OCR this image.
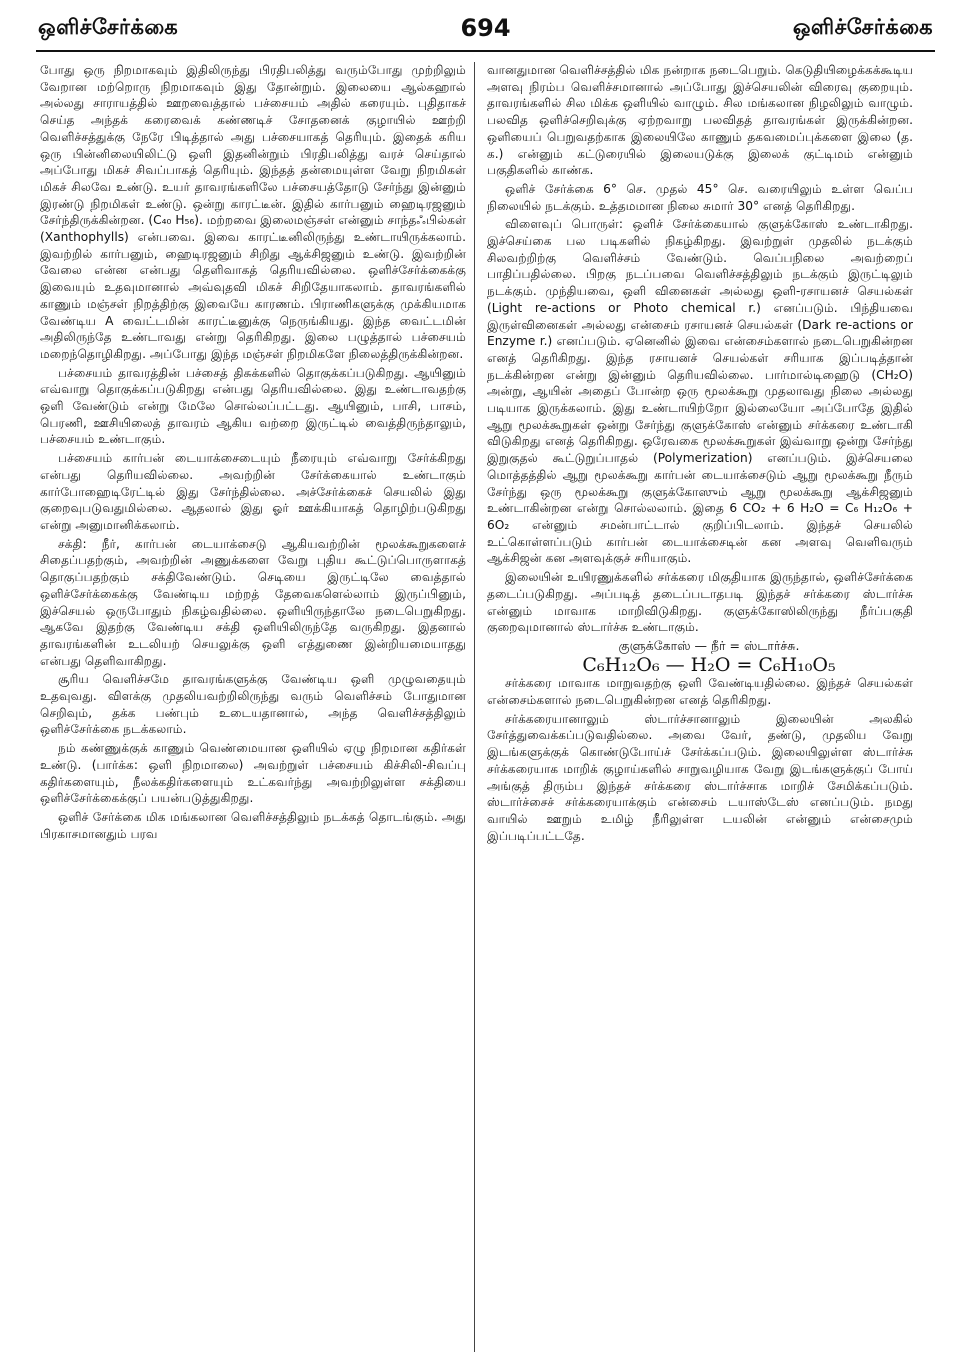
ஒளிச்சேர்க்கை	694	ஒளிச்சேர்க்கை

போது ஒரு நிறமாகவும் இதிலிருந்து பிரதிபலித்து வரும்போது முற்றிலும் வேறான மற்றொரு நிறமாகவும் இது தோன்றும். இலையை ஆல்கஹால் அல்லது சாராயத்தில் ஊறவைத்தால் பச்சையம் அதில் கரையும். புதிதாகச் செய்த அந்தக் கரைவைக் கண்ணடிச் சோதனைக் குழாயில் ஊற்றி வெளிச்சத்துக்கு நேரே பிடித்தால் அது பச்சையாகத் தெரியும். இதைக் கரிய ஒரு பின்னிலையிலிட்டு ஒளி இதனின்றும் பிரதிபலித்து வரச் செய்தால் அப்போது மிகச் சிவப்பாகத் தெரியும். இந்தத் தன்மையுள்ள வேறு நிறமிகள் மிகச் சிலவே உண்டு. உயர் தாவரங்களிலே பச்சையத்தோடு சேர்ந்து இன்னும் இரண்டு நிறமிகள் உண்டு. ஒன்று காரட்டீன். இதில் கார்பனும் ஹைடிரஜனும் சேர்ந்திருக்கின்றன. (C₄₀ H₅₆). மற்றவை இலைமஞ்சள் என்னும் சாந்தஃபில்கள் (Xanthophylls) என்பவை. இவை காரட்டீனிலிருந்து உண்டாயிருக்கலாம். இவற்றில் கார்பனும், ஹைடிரஜனும் சிறிது ஆக்சிஜனும் உண்டு. இவற்றின் வேலை என்ன என்பது தெளிவாகத் தெரியவில்லை. ஒளிச்சேர்க்கைக்கு இவையும் உதவுமானால் அவ்வுதவி மிகச் சிறிதேயாகலாம். தாவரங்களில் காணும் மஞ்சள் நிறத்திற்கு இவையே காரணம். பிராணிகளுக்கு முக்கியமாக வேண்டிய A வைட்டமின் காரட்டீனுக்கு நெருங்கியது. இந்த வைட்டமின் அதிலிருந்தே உண்டாவது என்று தெரிகிறது. இலை பழுத்தால் பச்சையம் மறைந்தொழிகிறது. அப்போது இந்த மஞ்சள் நிறமிகளே நிலைத்திருக்கின்றன.

பச்சையம் தாவரத்தின் பச்சைத் திசுக்களில் தொகுக்கப்படுகிறது. ஆயினும் எவ்வாறு தொகுக்கப்படுகிறது என்பது தெரியவில்லை. இது உண்டாவதற்கு ஒளி வேண்டும் என்று மேலே சொல்லப்பட்டது. ஆயினும், பாசி, பாசம், பெரணி, ஊசியிலைத் தாவரம் ஆகிய வற்றை இருட்டில் வைத்திருந்தாலும், பச்சையம் உண்டாகும்.

பச்சையம் கார்பன் டையாக்சைடையும் நீரையும் எவ்வாறு சேர்க்கிறது என்பது தெரியவில்லை. அவற்றின் சேர்க்கையால் உண்டாகும் கார்போஹைடிரேட்டில் இது சேர்ந்தில்லை. அச்சேர்க்கைச் செயலில் இது குறைவுபடுவதுமில்லை. ஆதலால் இது ஓர் ஊக்கியாகத் தொழிற்படுகிறது என்று அனுமானிக்கலாம்.

சக்தி: நீர், கார்பன் டையாக்சைடு ஆகியவற்றின் மூலக்கூறுகளைச் சிதைப்பதற்கும், அவற்றின் அணுக்களை வேறு புதிய கூட்டுப்பொருளாகத் தொகுப்பதற்கும் சக்திவேண்டும். செடியை இருட்டிலே வைத்தால் ஒளிச்சேர்க்கைக்கு வேண்டிய மற்றத் தேவைகளெல்லாம் இருப்பினும், இச்செயல் ஒருபோதும் நிகழ்வதில்லை. ஒளியிருந்தாலே நடைபெறுகிறது. ஆகவே இதற்கு வேண்டிய சக்தி ஒளியிலிருந்தே வருகிறது. இதனால் தாவரங்களின் உடலியற் செயலுக்கு ஒளி எத்துணை இன்றியமையாதது என்பது தெளிவாகிறது.

சூரிய வெளிச்சமே தாவரங்களுக்கு வேண்டிய ஒளி முழுவதையும் உதவுவது. விளக்கு முதலியவற்றிலிருந்து வரும் வெளிச்சம் போதுமான செறிவும், தக்க பண்பும் உடையதானால், அந்த வெளிச்சத்திலும் ஒளிச்சேர்க்கை நடக்கலாம்.

நம் கண்ணுக்குக் காணும் வெண்மையான ஒளியில் ஏழு நிறமான கதிர்கள் உண்டு. (பார்க்க: ஒளி நிறமாலை) அவற்றுள் பச்சையம் கிச்சிலி-சிவப்பு கதிர்களையும், நீலக்கதிர்களையும் உட்கவர்ந்து அவற்றிலுள்ள சக்தியை ஒளிச்சேர்க்கைக்குப் பயன்படுத்துகிறது.

ஒளிச் சேர்க்கை மிக மங்கலான வெளிச்சத்திலும் நடக்கத் தொடங்கும். அது பிரகாசமானதும் பரவ

வானதுமான வெளிச்சத்தில் மிக நன்றாக நடைபெறும். கெடுதியிழைக்கக்கூடிய அளவு நிரம்ப வெளிச்சமானால் அப்போது இச்செயலின் விரைவு குறையும். தாவரங்களில் சில மிக்க ஒளியில் வாழும். சில மங்கலான நிழலிலும் வாழும். பலவித ஒளிச்செறிவுக்கு ஏற்றவாறு பலவிதத் தாவரங்கள் இருக்கின்றன. ஒளியைப் பெறுவதற்காக இலையிலே காணும் தகவமைப்புக்களை இலை (த. க.) என்னும் கட்டுரையில் இலையடுக்கு இலைக் குட்டிமம் என்னும் பகுதிகளில் காண்க.

ஒளிச் சேர்க்கை 6° செ. முதல் 45° செ. வரையிலும் உள்ள வெப்ப நிலையில் நடக்கும். உத்தமமான நிலை சுமார் 30° எனத் தெரிகிறது.

விளைவுப் பொருள்: ஒளிச் சேர்க்கையால் குளுக்கோஸ் உண்டாகிறது. இச்செய்கை பல படிகளில் நிகழ்கிறது. இவற்றுள் முதலில் நடக்கும் சிலவற்றிற்கு வெளிச்சம் வேண்டும். வெப்பநிலை அவற்றைப் பாதிப்பதில்லை. பிறகு நடப்பவை வெளிச்சத்திலும் நடக்கும் இருட்டிலும் நடக்கும். முந்தியவை, ஒளி வினைகள் அல்லது ஒளி-ரசாயனச் செயல்கள் (Light re-actions or Photo chemical r.) எனப்படும். பிந்தியவை இருள்வினைகள் அல்லது என்சைம் ரசாயனச் செயல்கள் (Dark re-actions or Enzyme r.) எனப்படும். ஏனெனில் இவை என்சைம்களால் நடைபெறுகின்றன எனத் தெரிகிறது. இந்த ரசாயனச் செயல்கள் சரியாக இப்படித்தான் நடக்கின்றன என்று இன்னும் தெரியவில்லை. பார்மால்டிஹைடு (CH₂O) அன்று, ஆயின் அதைப் போன்ற ஒரு மூலக்கூறு முதலாவது நிலை அல்லது படியாக இருக்கலாம். இது உண்டாயிற்றோ இல்லையோ அப்போதே இதில் ஆறு மூலக்கூறுகள் ஒன்று சேர்ந்து குளுக்கோஸ் என்னும் சர்க்கரை உண்டாகி விடுகிறது எனத் தெரிகிறது. ஒரேவகை மூலக்கூறுகள் இவ்வாறு ஒன்று சேர்ந்து இறுகுதல் கூட்டுறுப்பாதல் (Polymerization) எனப்படும். இச்செயலை மொத்தத்தில் ஆறு மூலக்கூறு கார்பன் டையாக்சைடும் ஆறு மூலக்கூறு நீரும் சேர்ந்து ஒரு மூலக்கூறு குளுக்கோஸும் ஆறு மூலக்கூறு ஆக்சிஜனும் உண்டாகின்றன என்று சொல்லலாம். இதை 6 CO₂ + 6 H₂O = C₆ H₁₂O₆ + 6O₂ என்னும் சமன்பாட்டால் குறிப்பிடலாம். இந்தச் செயலில் உட்கொள்ளப்படும் கார்பன் டையாக்சைடின் கன அளவு வெளிவரும் ஆக்சிஜன் கன அளவுக்குச் சரியாகும்.

இலையின் உயிரணுக்களில் சர்க்கரை மிகுதியாக இருந்தால், ஒளிச்சேர்க்கை தடைப்படுகிறது. அப்படித் தடைப்படாதபடி இந்தச் சர்க்கரை ஸ்டார்ச்சு என்னும் மாவாக மாறிவிடுகிறது. குளுக்கோஸிலிருந்து நீர்ப்பகுதி குறைவுமானால் ஸ்டார்ச்சு உண்டாகும்.

குளுக்கோஸ் — நீர் = ஸ்டார்ச்சு.

C₆H₁₂O₆ — H₂O = C₆H₁₀O₅

சர்க்கரை மாவாக மாறுவதற்கு ஒளி வேண்டியதில்லை. இந்தச் செயல்கள் என்சைம்களால் நடைபெறுகின்றன எனத் தெரிகிறது.

சர்க்கரையானாலும் ஸ்டார்ச்சானாலும் இலையின் அலகில் சேர்த்துவைக்கப்படுவதில்லை. அவை வேர், தண்டு, முதலிய வேறு இடங்களுக்குக் கொண்டுபோய்ச் சேர்க்கப்படும். இலையிலுள்ள ஸ்டார்ச்சு சர்க்கரையாக மாறிக் குழாய்களில் சாறுவழியாக வேறு இடங்களுக்குப் போய் அங்குத் திரும்ப இந்தச் சர்க்கரை ஸ்டார்ச்சாக மாறிச் சேமிக்கப்படும். ஸ்டார்ச்சைச் சர்க்கரையாக்கும் என்சைம் டயாஸ்டேஸ் எனப்படும். நமது வாயில் ஊறும் உமிழ் நீரிலுள்ள டயலின் என்னும் என்சைமும் இப்படிப்பட்டதே.
